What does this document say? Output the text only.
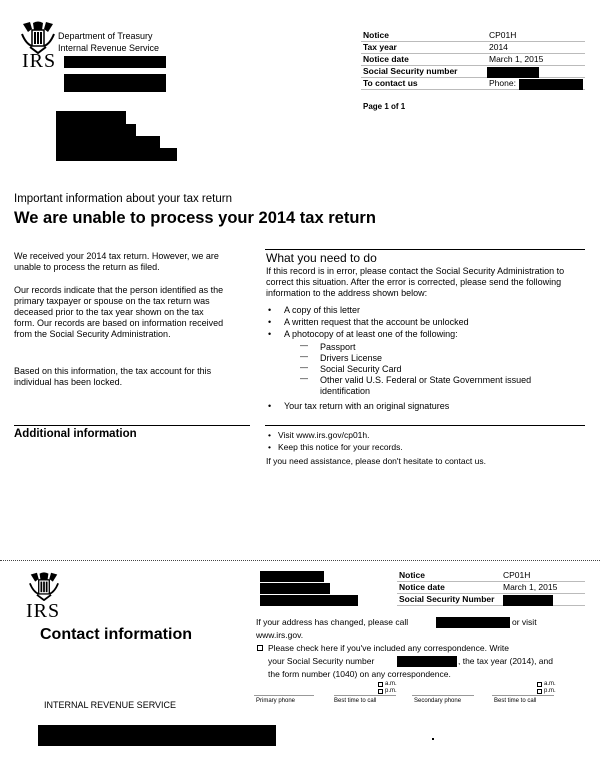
Department of Treasury
Internal Revenue Service
IRS
Notice	CP01H
Tax year	2014
Notice date	March 1, 2015
Social Security number
To contact us	Phone:
Page 1 of 1
Important information about your tax return
We are unable to process your 2014 tax return
We received your 2014 tax return. However, we are unable to process the return as filed.
Our records indicate that the person identified as the primary taxpayer or spouse on the tax return was deceased prior to the tax year shown on the tax form. Our records are based on information received from the Social Security Administration.
Based on this information, the tax account for this individual has been locked.
What you need to do
If this record is in error, please contact the Social Security Administration to correct this situation. After the error is corrected, please send the following information to the address shown below:
• A copy of this letter
• A written request that the account be unlocked
• A photocopy of at least one of the following:
— Passport
— Drivers License
— Social Security Card
— Other valid U.S. Federal or State Government issued identification
• Your tax return with an original signatures
Additional information
•	Visit www.irs.gov/cp01h.
• Keep this notice for your records.
If you need assistance, please don't hesitate to contact us.
IRS
Contact information
Notice	CP01H
Notice date	March 1, 2015
Social Security Number
If your address has changed, please call	or visit
www.irs.gov.
Please check here if you've included any correspondence. Write
your Social Security number	, the tax year (2014), and
the form number (1040) on any correspondence.
a.m.
p.m.
a.m.
p.m.
Primary phone	Best time to call	Secondary phone	Best time to call
INTERNAL REVENUE SERVICE
